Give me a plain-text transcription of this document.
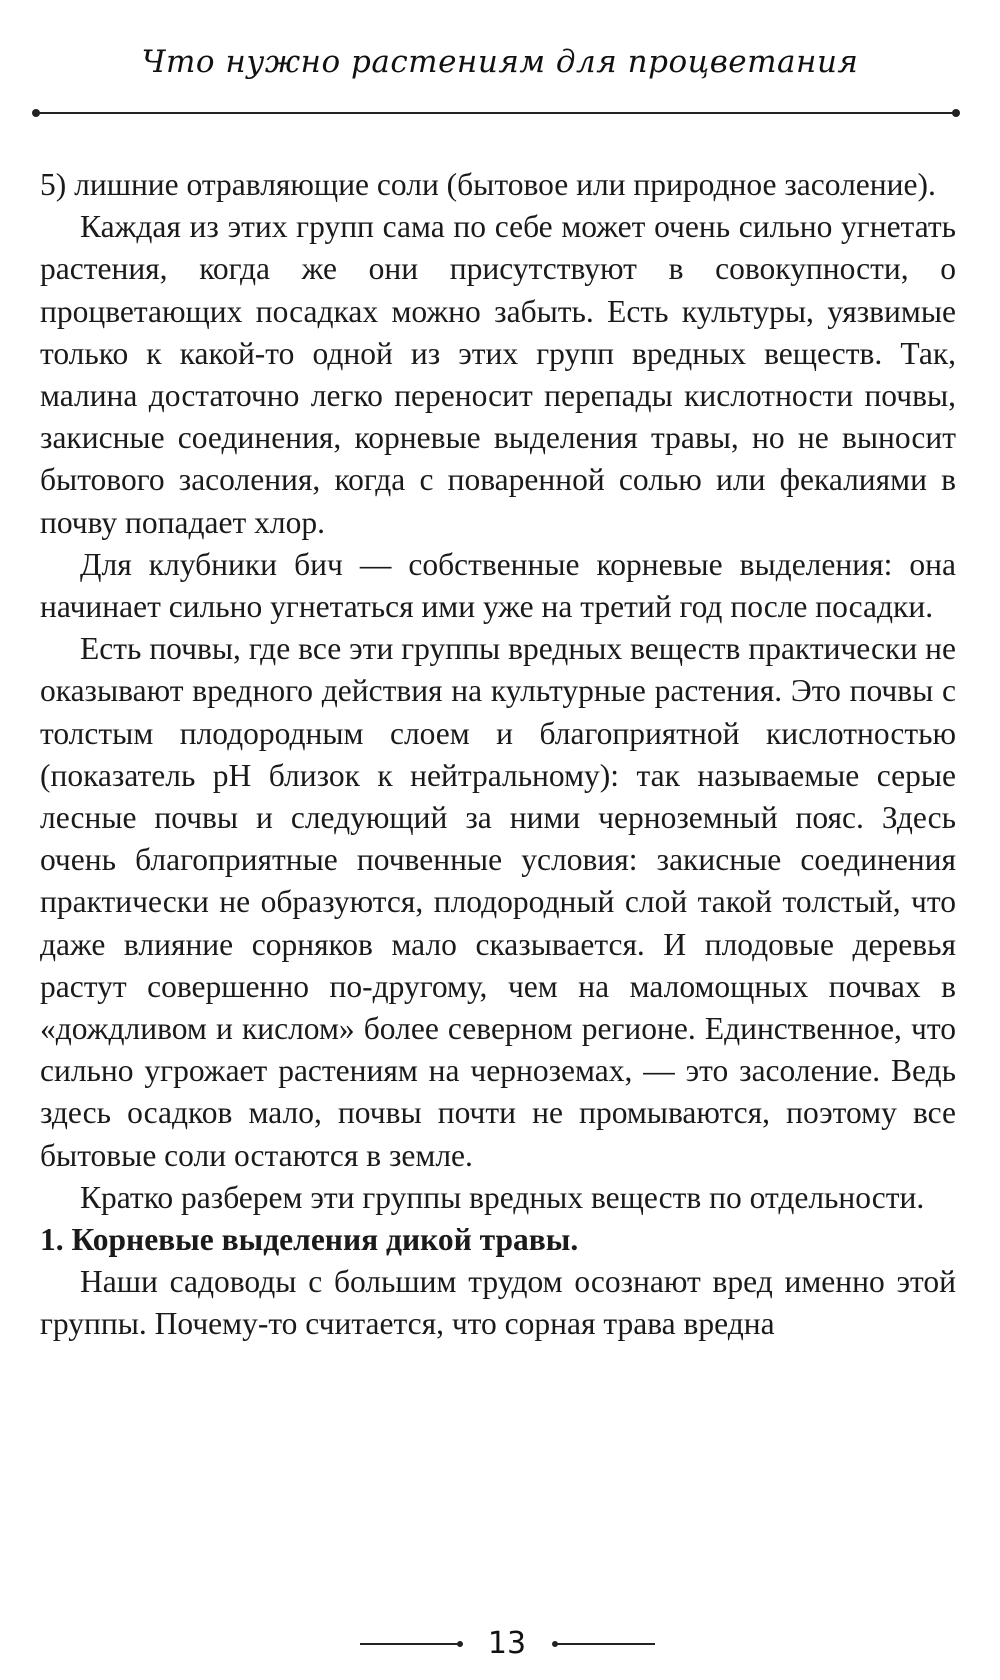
Что нужно растениям для процветания

5) лишние отравляющие соли (бытовое или природное засоление).

Каждая из этих групп сама по себе может очень сильно угнетать растения, когда же они присутствуют в совокупности, о процветающих посадках можно забыть. Есть культуры, уязвимые только к какой-то одной из этих групп вредных веществ. Так, малина достаточно легко переносит перепады кислотности почвы, закисные соединения, корневые выделения травы, но не выносит бытового засоления, когда с поваренной солью или фекалиями в почву попадает хлор.

Для клубники бич — собственные корневые выделения: она начинает сильно угнетаться ими уже на третий год после посадки.

Есть почвы, где все эти группы вредных веществ практически не оказывают вредного действия на культурные растения. Это почвы с толстым плодородным слоем и благоприятной кислотностью (показатель pH близок к нейтральному): так называемые серые лесные почвы и следующий за ними черноземный пояс. Здесь очень благоприятные почвенные условия: закисные соединения практически не образуются, плодородный слой такой толстый, что даже влияние сорняков мало сказывается. И плодовые деревья растут совершенно по-другому, чем на маломощных почвах в «дождливом и кислом» более северном регионе. Единственное, что сильно угрожает растениям на черноземах, — это засоление. Ведь здесь осадков мало, почвы почти не промываются, поэтому все бытовые соли остаются в земле.

Кратко разберем эти группы вредных веществ по отдельности.

1. Корневые выделения дикой травы.

Наши садоводы с большим трудом осознают вред именно этой группы. Почему-то считается, что сорная трава вредна

13
